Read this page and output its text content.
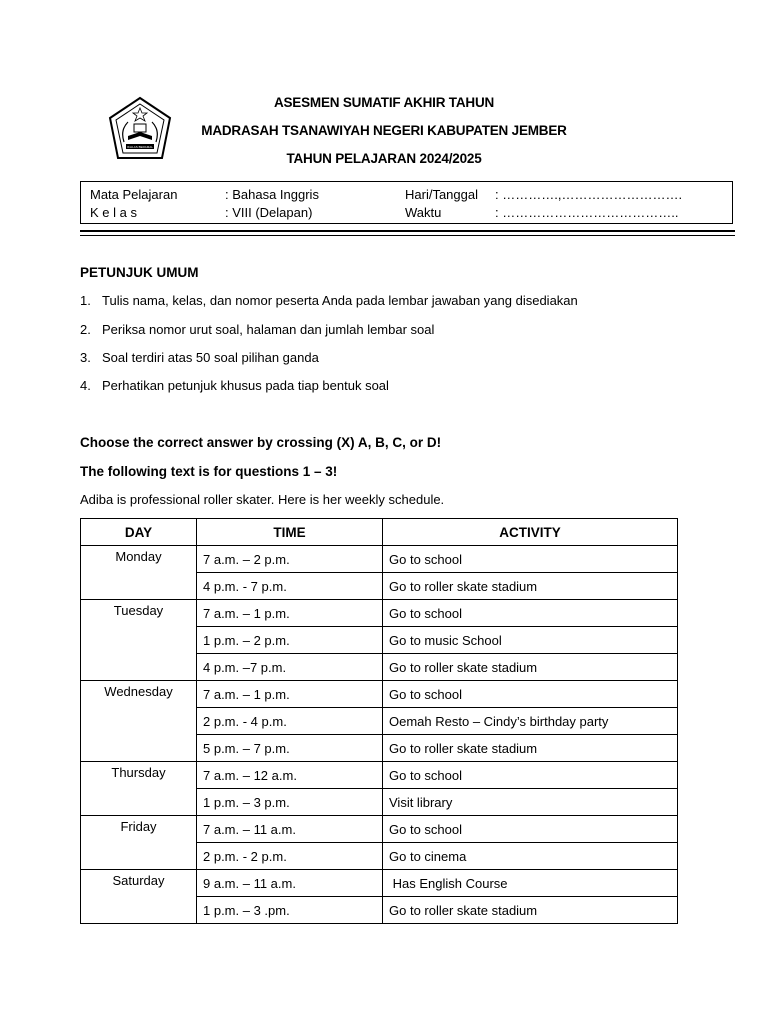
IKHLAS BERAMAL
ASESMEN SUMATIF AKHIR TAHUN
MADRASAH TSANAWIYAH NEGERI KABUPATEN JEMBER
TAHUN PELAJARAN 2024/2025
Mata Pelajaran	: Bahasa Inggris	Hari/Tanggal : ………….,……………………….
K e l a s	: VIII (Delapan)	Waktu	: …………………………………..
PETUNJUK UMUM
1. Tulis nama, kelas, dan nomor peserta Anda pada lembar jawaban yang disediakan
2. Periksa nomor urut soal, halaman dan jumlah lembar soal
3. Soal terdiri atas 50 soal pilihan ganda
4. Perhatikan petunjuk khusus pada tiap bentuk soal
Choose the correct answer by crossing (X) A, B, C, or D!
The following text is for questions 1 – 3!
Adiba is professional roller skater. Here is her weekly schedule.
DAY	TIME	ACTIVITY
Monday	7 a.m. – 2 p.m.	Go to school
	4 p.m. - 7 p.m.	Go to roller skate stadium
Tuesday	7 a.m. – 1 p.m.	Go to school
	1 p.m. – 2 p.m.	Go to music School
	4 p.m. –7 p.m.	Go to roller skate stadium
Wednesday	7 a.m. – 1 p.m.	Go to school
	2 p.m. - 4 p.m.	Oemah Resto – Cindy’s birthday party
	5 p.m. – 7 p.m.	Go to roller skate stadium
Thursday	7 a.m. – 12 a.m.	Go to school
	1 p.m. – 3 p.m.	Visit library
Friday	7 a.m. – 11 a.m.	Go to school
	2 p.m. - 2 p.m.	Go to cinema
Saturday	9 a.m. – 11 a.m.	Has English Course
	1 p.m. – 3 .pm.	Go to roller skate stadium
